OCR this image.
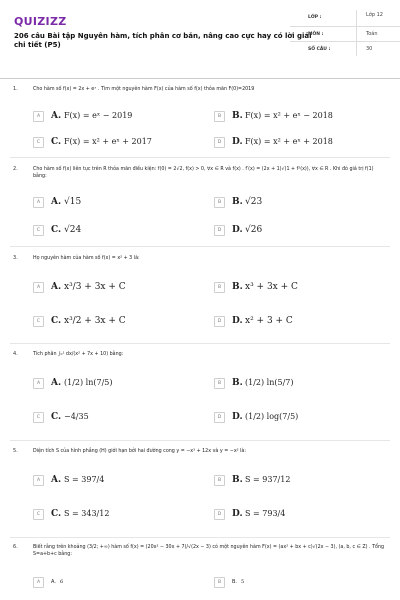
QUIZIZZ
206 câu Bài tập Nguyên hàm, tích phân cơ bản, nâng cao cực hay có lời giải chi tiết (P5)
LỚP :	Lớp 12
MÔN :	Toán
SỐ CÂU :	30
1.	Cho hàm số f(x) = 2x + eˣ . Tìm một nguyên hàm F(x) của hàm số f(x) thỏa mãn F(0)=2019
A	A. F(x) = eˣ − 2019	B	B. F(x) = x² + eˣ − 2018
C	C. F(x) = x² + eˣ + 2017	D	D. F(x) = x² + eˣ + 2018
2.	Cho hàm số f(x) liên tục trên R thỏa mãn điều kiện: f(0) = 2√2, f(x) > 0, ∀x ∈ R và f(x) . f′(x) = (2x + 1)√(1 + f²(x)), ∀x ∈ R . Khi đó giá trị f(1) bằng:
A	A. √15	B	B. √23
C	C. √24	D	D. √26
3.	Họ nguyên hàm của hàm số f(x) = x² + 3 là:
A	A. x³/3 + 3x + C	B	B. x³ + 3x + C
C	C. x³/2 + 3x + C	D	D. x² + 3 + C
4.	Tích phân ∫₀¹ dx/(x² + 7x + 10) bằng:
A	A. (1/2) ln(7/5)	B	B. (1/2) ln(5/7)
C	C. −4/35	D	D. (1/2) log(7/5)
5.	Diện tích S của hình phẳng (H) giới hạn bởi hai đường cong y = −x³ + 12x và y = −x² là:
A	A. S = 397/4	B	B. S = 937/12
C	C. S = 343/12	D	D. S = 793/4
6.	Biết rằng trên khoảng (3/2; +∞) hàm số f(x) = (20x² − 30x + 7)/√(2x − 3) có một nguyên hàm F(x) = (ax² + bx + c)√(2x − 3), (a, b, c ∈ Z) . Tổng S=a+b+c bằng:
A	A. 6	B	B. 5
